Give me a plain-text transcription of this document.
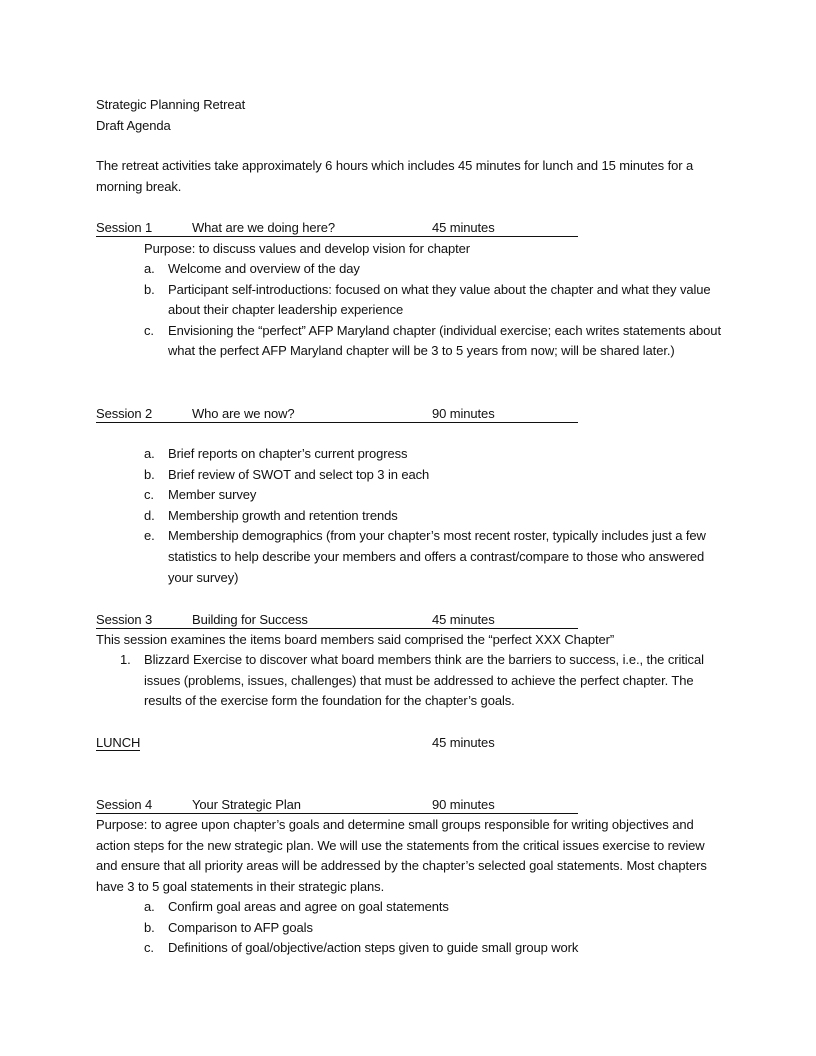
Strategic Planning Retreat
Draft Agenda
The retreat activities take approximately 6 hours which includes 45 minutes for lunch and 15 minutes for a morning break.
Session 1	What are we doing here?	45 minutes
Purpose: to discuss values and develop vision for chapter
a. Welcome and overview of the day
b. Participant self-introductions: focused on what they value about the chapter and what they value about their chapter leadership experience
c. Envisioning the “perfect” AFP Maryland chapter (individual exercise; each writes statements about what the perfect AFP Maryland chapter will be 3 to 5 years from now; will be shared later.)
Session 2	Who are we now?	90 minutes
a. Brief reports on chapter’s current progress
b. Brief review of SWOT and select top 3 in each
c. Member survey
d. Membership growth and retention trends
e. Membership demographics (from your chapter’s most recent roster, typically includes just a few statistics to help describe your members and offers a contrast/compare to those who answered your survey)
Session 3	Building for Success	45 minutes
This session examines the items board members said comprised the “perfect XXX Chapter”
1. Blizzard Exercise to discover what board members think are the barriers to success, i.e., the critical issues (problems, issues, challenges) that must be addressed to achieve the perfect chapter. The results of the exercise form the foundation for the chapter’s goals.
LUNCH	45 minutes
Session 4	Your Strategic Plan	90 minutes
Purpose: to agree upon chapter’s goals and determine small groups responsible for writing objectives and action steps for the new strategic plan. We will use the statements from the critical issues exercise to review and ensure that all priority areas will be addressed by the chapter’s selected goal statements. Most chapters have 3 to 5 goal statements in their strategic plans.
a. Confirm goal areas and agree on goal statements
b. Comparison to AFP goals
c. Definitions of goal/objective/action steps given to guide small group work
